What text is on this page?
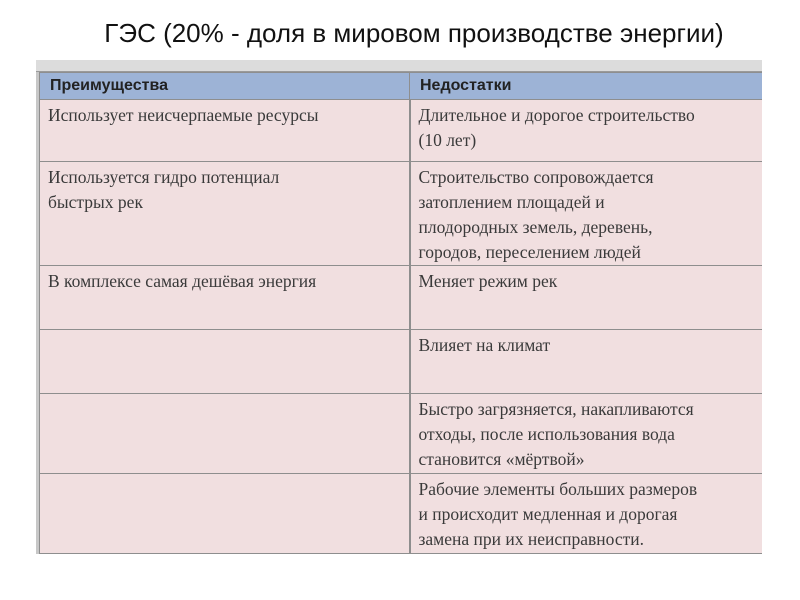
ГЭС (20% - доля в мировом производстве энергии)
Преимущества	Недостатки
Использует неисчерпаемые ресурсы	Длительное и дорогое строительство
(10 лет)
Используется гидро потенциал
быстрых рек	Строительство сопровождается
затоплением площадей и
плодородных земель, деревень,
городов, переселением людей
В комплексе самая дешёвая энергия	Меняет режим рек
	Влияет на климат
	Быстро загрязняется, накапливаются
отходы, после использования вода
становится «мёртвой»
	Рабочие элементы больших размеров
и происходит медленная и дорогая
замена при их неисправности.
